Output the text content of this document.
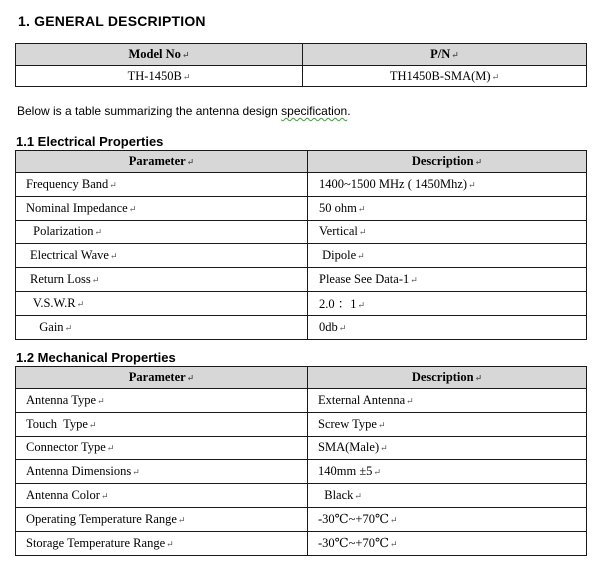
1. GENERAL DESCRIPTION
Model No↵	P/N↵
TH-1450B↵	TH1450B-SMA(M)↵
Below is a table summarizing the antenna design specification.
1.1 Electrical Properties
Parameter↵	Description↵
Frequency Band↵	1400~1500 MHz ( 1450Mhz)↵
Nominal Impedance↵	50 ohm↵
Polarization↵	Vertical↵
Electrical Wave↵	Dipole↵
Return Loss↵	Please See Data-1↵
V.S.W.R↵	2.0 ：1↵
Gain↵	0db↵
1.2 Mechanical Properties
Parameter↵	Description↵
Antenna Type↵	External Antenna↵
Touch  Type↵	Screw Type↵
Connector Type↵	SMA(Male)↵
Antenna Dimensions↵	140mm ±5↵
Antenna Color↵	Black↵
Operating Temperature Range↵	-30℃~+70℃↵
Storage Temperature Range↵	-30℃~+70℃↵
